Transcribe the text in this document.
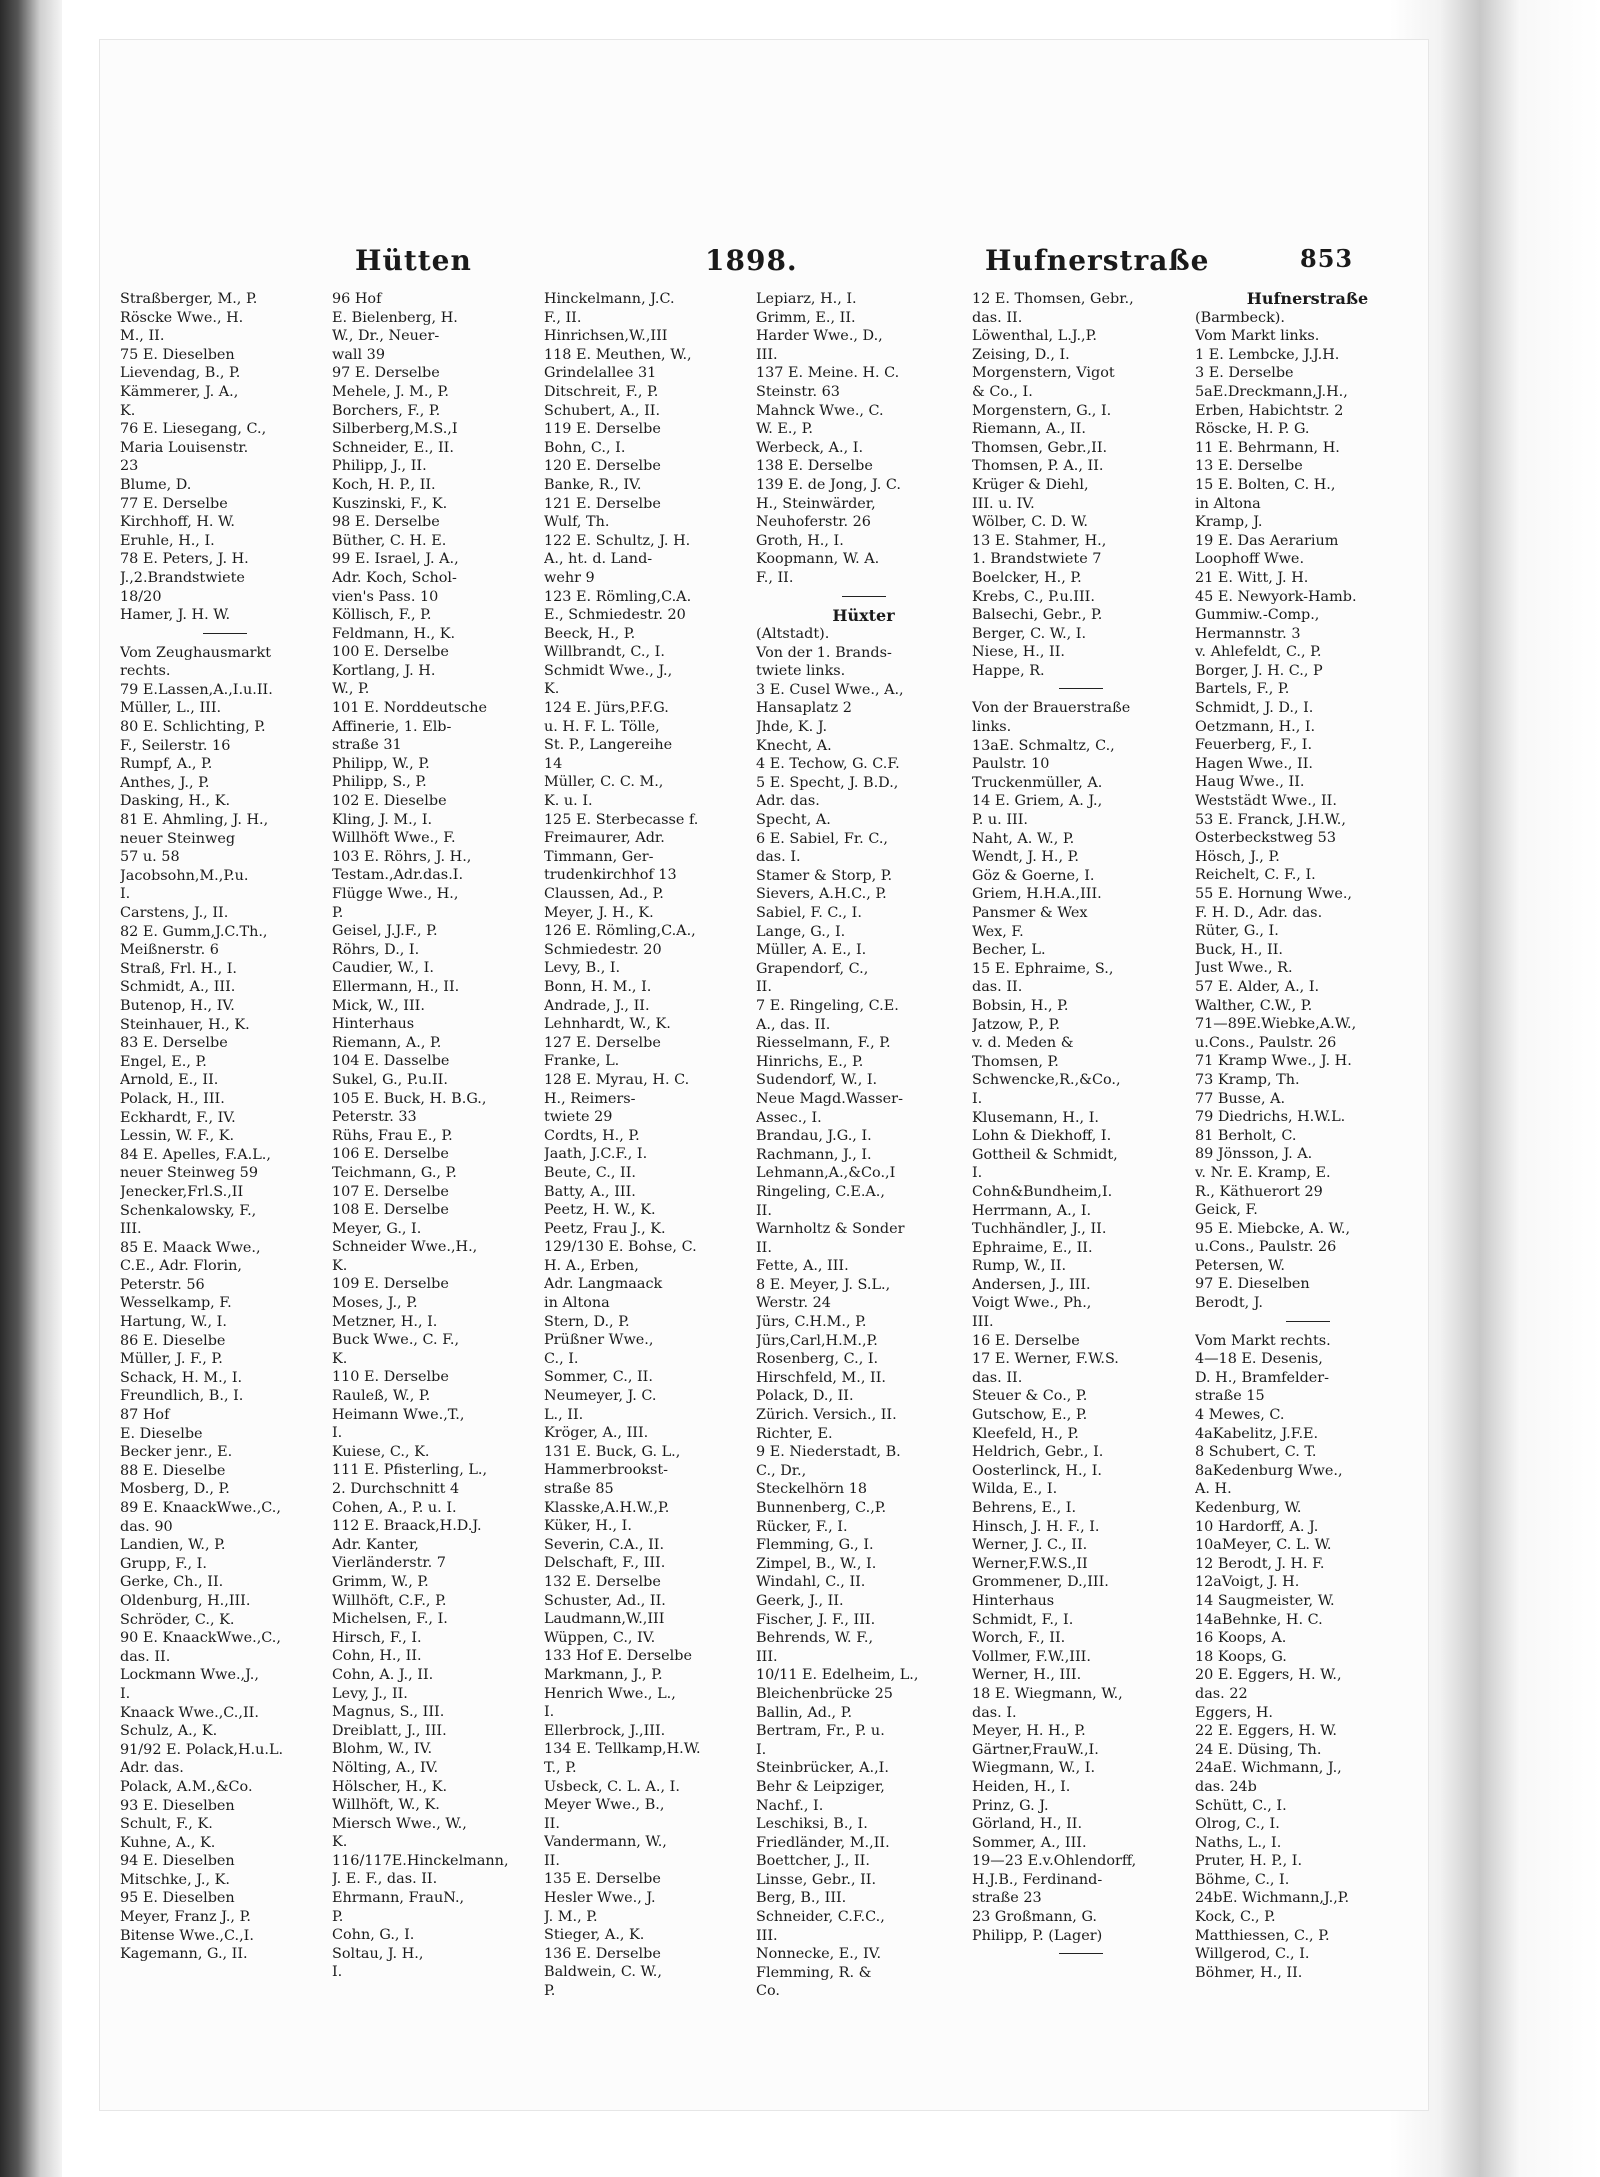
Hütten	1898.	Hufnerstraße	853
Straßberger, M., P.
Röscke Wwe., H.
M., II.
75 E. Dieselben
Lievendag, B., P.
Kämmerer, J. A.,
K.
76 E. Liesegang, C.,
Maria Louisenstr.
23
Blume, D.
77 E. Derselbe
Kirchhoff, H. W.
Eruhle, H., I.
78 E. Peters, J. H.
J.,2.Brandstwiete
18/20
Hamer, J. H. W.
Vom Zeughausmarkt
rechts.
79 E.Lassen,A.,I.u.II.
Müller, L., III.
80 E. Schlichting, P.
F., Seilerstr. 16
Rumpf, A., P.
Anthes, J., P.
Dasking, H., K.
81 E. Ahmling, J. H.,
neuer Steinweg
57 u. 58
Jacobsohn,M.,P.u.
I.
Carstens, J., II.
82 E. Gumm,J.C.Th.,
Meißnerstr. 6
Straß, Frl. H., I.
Schmidt, A., III.
Butenop, H., IV.
Steinhauer, H., K.
83 E. Derselbe
Engel, E., P.
Arnold, E., II.
Polack, H., III.
Eckhardt, F., IV.
Lessin, W. F., K.
84 E. Apelles, F.A.L.,
neuer Steinweg 59
Jenecker,Frl.S.,II
Schenkalowsky, F.,
III.
85 E. Maack Wwe.,
C.E., Adr. Florin,
Peterstr. 56
Wesselkamp, F.
Hartung, W., I.
86 E. Dieselbe
Müller, J. F., P.
Schack, H. M., I.
Freundlich, B., I.
87 Hof
E. Dieselbe
Becker jenr., E.
88 E. Dieselbe
Mosberg, D., P.
89 E. KnaackWwe.,C.,
das. 90
Landien, W., P.
Grupp, F., I.
Gerke, Ch., II.
Oldenburg, H.,III.
Schröder, C., K.
90 E. KnaackWwe.,C.,
das. II.
Lockmann Wwe.,J.,
I.
Knaack Wwe.,C.,II.
Schulz, A., K.
91/92 E. Polack,H.u.L.
Adr. das.
Polack, A.M.,&Co.
93 E. Dieselben
Schult, F., K.
Kuhne, A., K.
94 E. Dieselben
Mitschke, J., K.
95 E. Dieselben
Meyer, Franz J., P.
Bitense Wwe.,C.,I.
Kagemann, G., II.
96 Hof
E. Bielenberg, H.
W., Dr., Neuer-
wall 39
97 E. Derselbe
Mehele, J. M., P.
Borchers, F., P.
Silberberg,M.S.,I
Schneider, E., II.
Philipp, J., II.
Koch, H. P., II.
Kuszinski, F., K.
98 E. Derselbe
Büther, C. H. E.
99 E. Israel, J. A.,
Adr. Koch, Schol-
vien's Pass. 10
Köllisch, F., P.
Feldmann, H., K.
100 E. Derselbe
Kortlang, J. H.
W., P.
101 E. Norddeutsche
Affinerie, 1. Elb-
straße 31
Philipp, W., P.
Philipp, S., P.
102 E. Dieselbe
Kling, J. M., I.
Willhöft Wwe., F.
103 E. Röhrs, J. H.,
Testam.,Adr.das.I.
Flügge Wwe., H.,
P.
Geisel, J.J.F., P.
Röhrs, D., I.
Caudier, W., I.
Ellermann, H., II.
Mick, W., III.
Hinterhaus
Riemann, A., P.
104 E. Dasselbe
Sukel, G., P.u.II.
105 E. Buck, H. B.G.,
Peterstr. 33
Rühs, Frau E., P.
106 E. Derselbe
Teichmann, G., P.
107 E. Derselbe
108 E. Derselbe
Meyer, G., I.
Schneider Wwe.,H.,
K.
109 E. Derselbe
Moses, J., P.
Metzner, H., I.
Buck Wwe., C. F.,
K.
110 E. Derselbe
Rauleß, W., P.
Heimann Wwe.,T.,
I.
Kuiese, C., K.
111 E. Pfisterling, L.,
2. Durchschnitt 4
Cohen, A., P. u. I.
112 E. Braack,H.D.J.
Adr. Kanter,
Vierländerstr. 7
Grimm, W., P.
Willhöft, C.F., P.
Michelsen, F., I.
Hirsch, F., I.
Cohn, H., II.
Cohn, A. J., II.
Levy, J., II.
Magnus, S., III.
Dreiblatt, J., III.
Blohm, W., IV.
Nölting, A., IV.
Hölscher, H., K.
Willhöft, W., K.
Miersch Wwe., W.,
K.
116/117E.Hinckelmann,
J. E. F., das. II.
Ehrmann, FrauN.,
P.
Cohn, G., I.
Soltau, J. H.,
I.
Hinckelmann, J.C.
F., II.
Hinrichsen,W.,III
118 E. Meuthen, W.,
Grindelallee 31
Ditschreit, F., P.
Schubert, A., II.
119 E. Derselbe
Bohn, C., I.
120 E. Derselbe
Banke, R., IV.
121 E. Derselbe
Wulf, Th.
122 E. Schultz, J. H.
A., ht. d. Land-
wehr 9
123 E. Römling,C.A.
E., Schmiedestr. 20
Beeck, H., P.
Willbrandt, C., I.
Schmidt Wwe., J.,
K.
124 E. Jürs,P.F.G.
u. H. F. L. Tölle,
St. P., Langereihe
14
Müller, C. C. M.,
K. u. I.
125 E. Sterbecasse f.
Freimaurer, Adr.
Timmann, Ger-
trudenkirchhof 13
Claussen, Ad., P.
Meyer, J. H., K.
126 E. Römling,C.A.,
Schmiedestr. 20
Levy, B., I.
Bonn, H. M., I.
Andrade, J., II.
Lehnhardt, W., K.
127 E. Derselbe
Franke, L.
128 E. Myrau, H. C.
H., Reimers-
twiete 29
Cordts, H., P.
Jaath, J.C.F., I.
Beute, C., II.
Batty, A., III.
Peetz, H. W., K.
Peetz, Frau J., K.
129/130 E. Bohse, C.
H. A., Erben,
Adr. Langmaack
in Altona
Stern, D., P.
Prüßner Wwe.,
C., I.
Sommer, C., II.
Neumeyer, J. C.
L., II.
Kröger, A., III.
131 E. Buck, G. L.,
Hammerbrookst-
straße 85
Klasske,A.H.W.,P.
Küker, H., I.
Severin, C.A., II.
Delschaft, F., III.
132 E. Derselbe
Schuster, Ad., II.
Laudmann,W.,III
Wüppen, C., IV.
133 Hof E. Derselbe
Markmann, J., P.
Henrich Wwe., L.,
I.
Ellerbrock, J.,III.
134 E. Tellkamp,H.W.
T., P.
Usbeck, C. L. A., I.
Meyer Wwe., B.,
II.
Vandermann, W.,
II.
135 E. Derselbe
Hesler Wwe., J.
J. M., P.
Stieger, A., K.
136 E. Derselbe
Baldwein, C. W.,
P.
Lepiarz, H., I.
Grimm, E., II.
Harder Wwe., D.,
III.
137 E. Meine. H. C.
Steinstr. 63
Mahnck Wwe., C.
W. E., P.
Werbeck, A., I.
138 E. Derselbe
139 E. de Jong, J. C.
H., Steinwärder,
Neuhoferstr. 26
Groth, H., I.
Koopmann, W. A.
F., II.
Hüxter
(Altstadt).
Von der 1. Brands-
twiete links.
3 E. Cusel Wwe., A.,
Hansaplatz 2
Jhde, K. J.
Knecht, A.
4 E. Techow, G. C.F.
5 E. Specht, J. B.D.,
Adr. das.
Specht, A.
6 E. Sabiel, Fr. C.,
das. I.
Stamer & Storp, P.
Sievers, A.H.C., P.
Sabiel, F. C., I.
Lange, G., I.
Müller, A. E., I.
Grapendorf, C.,
II.
7 E. Ringeling, C.E.
A., das. II.
Riesselmann, F., P.
Hinrichs, E., P.
Sudendorf, W., I.
Neue Magd.Wasser-
Assec., I.
Brandau, J.G., I.
Rachmann, J., I.
Lehmann,A.,&Co.,I
Ringeling, C.E.A.,
II.
Warnholtz & Sonder
II.
Fette, A., III.
8 E. Meyer, J. S.L.,
Werstr. 24
Jürs, C.H.M., P.
Jürs,Carl,H.M.,P.
Rosenberg, C., I.
Hirschfeld, M., II.
Polack, D., II.
Zürich. Versich., II.
Richter, E.
9 E. Niederstadt, B.
C., Dr.,
Steckelhörn 18
Bunnenberg, C.,P.
Rücker, F., I.
Flemming, G., I.
Zimpel, B., W., I.
Windahl, C., II.
Geerk, J., II.
Fischer, J. F., III.
Behrends, W. F.,
III.
10/11 E. Edelheim, L.,
Bleichenbrücke 25
Ballin, Ad., P.
Bertram, Fr., P. u.
I.
Steinbrücker, A.,I.
Behr & Leipziger,
Nachf., I.
Leschiksi, B., I.
Friedländer, M.,II.
Boettcher, J., II.
Linsse, Gebr., II.
Berg, B., III.
Schneider, C.F.C.,
III.
Nonnecke, E., IV.
Flemming, R. &
Co.
12 E. Thomsen, Gebr.,
das. II.
Löwenthal, L.J.,P.
Zeising, D., I.
Morgenstern, Vigot
& Co., I.
Morgenstern, G., I.
Riemann, A., II.
Thomsen, Gebr.,II.
Thomsen, P. A., II.
Krüger & Diehl,
III. u. IV.
Wölber, C. D. W.
13 E. Stahmer, H.,
1. Brandstwiete 7
Boelcker, H., P.
Krebs, C., P.u.III.
Balsechi, Gebr., P.
Berger, C. W., I.
Niese, H., II.
Happe, R.
Von der Brauerstraße
links.
13aE. Schmaltz, C.,
Paulstr. 10
Truckenmüller, A.
14 E. Griem, A. J.,
P. u. III.
Naht, A. W., P.
Wendt, J. H., P.
Göz & Goerne, I.
Griem, H.H.A.,III.
Pansmer & Wex
Wex, F.
Becher, L.
15 E. Ephraime, S.,
das. II.
Bobsin, H., P.
Jatzow, P., P.
v. d. Meden &
Thomsen, P.
Schwencke,R.,&Co.,
I.
Klusemann, H., I.
Lohn & Diekhoff, I.
Gottheil & Schmidt,
I.
Cohn&Bundheim,I.
Herrmann, A., I.
Tuchhändler, J., II.
Ephraime, E., II.
Rump, W., II.
Andersen, J., III.
Voigt Wwe., Ph.,
III.
16 E. Derselbe
17 E. Werner, F.W.S.
das. II.
Steuer & Co., P.
Gutschow, E., P.
Kleefeld, H., P.
Heldrich, Gebr., I.
Oosterlinck, H., I.
Wilda, E., I.
Behrens, E., I.
Hinsch, J. H. F., I.
Werner, J. C., II.
Werner,F.W.S.,II
Grommener, D.,III.
Hinterhaus
Schmidt, F., I.
Worch, F., II.
Vollmer, F.W.,III.
Werner, H., III.
18 E. Wiegmann, W.,
das. I.
Meyer, H. H., P.
Gärtner,FrauW.,I.
Wiegmann, W., I.
Heiden, H., I.
Prinz, G. J.
Görland, H., II.
Sommer, A., III.
19—23 E.v.Ohlendorff,
H.J.B., Ferdinand-
straße 23
23 Großmann, G.
Philipp, P. (Lager)
Hufnerstraße
(Barmbeck).
Vom Markt links.
1 E. Lembcke, J.J.H.
3 E. Derselbe
5aE.Dreckmann,J.H.,
Erben, Habichtstr. 2
Röscke, H. P. G.
11 E. Behrmann, H.
13 E. Derselbe
15 E. Bolten, C. H.,
in Altona
Kramp, J.
19 E. Das Aerarium
Loophoff Wwe.
21 E. Witt, J. H.
45 E. Newyork-Hamb.
Gummiw.-Comp.,
Hermannstr. 3
v. Ahlefeldt, C., P.
Borger, J. H. C., P
Bartels, F., P.
Schmidt, J. D., I.
Oetzmann, H., I.
Feuerberg, F., I.
Hagen Wwe., II.
Haug Wwe., II.
Weststädt Wwe., II.
53 E. Franck, J.H.W.,
Osterbeckstweg 53
Hösch, J., P.
Reichelt, C. F., I.
55 E. Hornung Wwe.,
F. H. D., Adr. das.
Rüter, G., I.
Buck, H., II.
Just Wwe., R.
57 E. Alder, A., I.
Walther, C.W., P.
71—89E.Wiebke,A.W.,
u.Cons., Paulstr. 26
71 Kramp Wwe., J. H.
73 Kramp, Th.
77 Busse, A.
79 Diedrichs, H.W.L.
81 Berholt, C.
89 Jönsson, J. A.
v. Nr. E. Kramp, E.
R., Käthuerort 29
Geick, F.
95 E. Miebcke, A. W.,
u.Cons., Paulstr. 26
Petersen, W.
97 E. Dieselben
Berodt, J.
Vom Markt rechts.
4—18 E. Desenis,
D. H., Bramfelder-
straße 15
4 Mewes, C.
4aKabelitz, J.F.E.
8 Schubert, C. T.
8aKedenburg Wwe.,
A. H.
Kedenburg, W.
10 Hardorff, A. J.
10aMeyer, C. L. W.
12 Berodt, J. H. F.
12aVoigt, J. H.
14 Saugmeister, W.
14aBehnke, H. C.
16 Koops, A.
18 Koops, G.
20 E. Eggers, H. W.,
das. 22
Eggers, H.
22 E. Eggers, H. W.
24 E. Düsing, Th.
24aE. Wichmann, J.,
das. 24b
Schütt, C., I.
Olrog, C., I.
Naths, L., I.
Pruter, H. P., I.
Böhme, C., I.
24bE. Wichmann,J.,P.
Kock, C., P.
Matthiessen, C., P.
Willgerod, C., I.
Böhmer, H., II.
